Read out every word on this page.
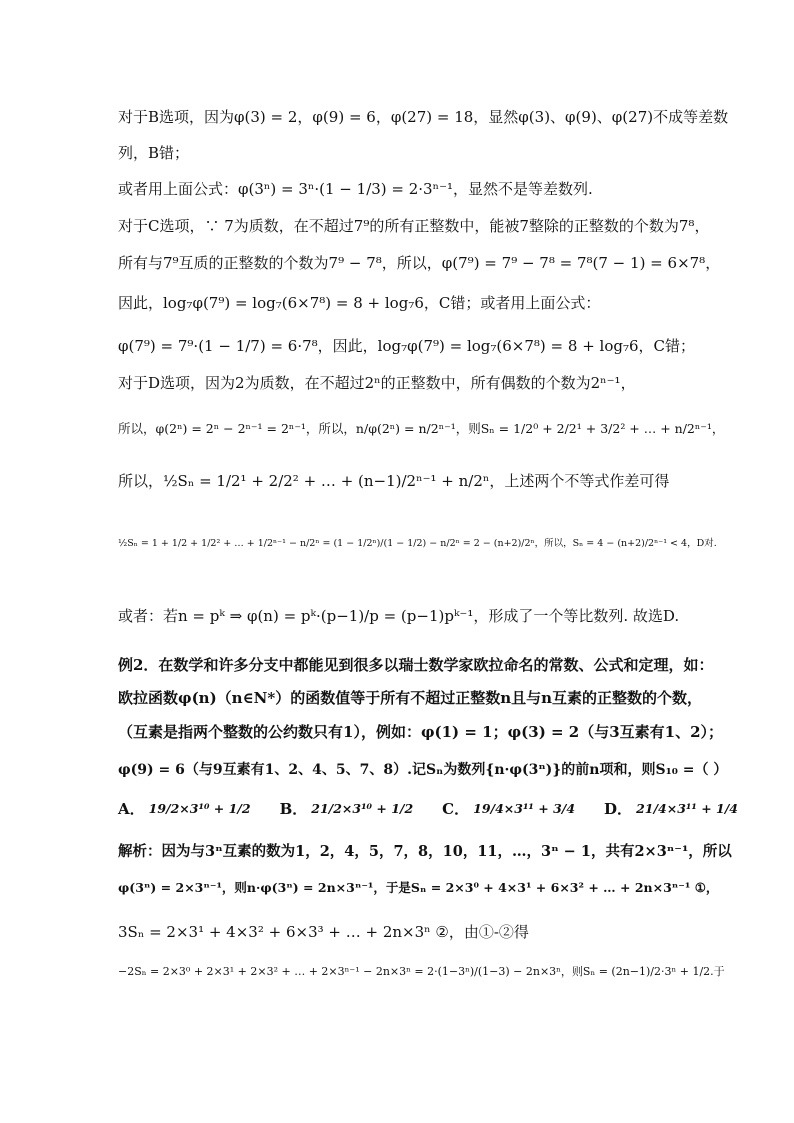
对于B选项，因为φ(3) = 2，φ(9) = 6，φ(27) = 18，显然φ(3)、φ(9)、φ(27)不成等差数
列，B错；
或者用上面公式：φ(3ⁿ) = 3ⁿ·(1 − 1/3) = 2·3ⁿ⁻¹，显然不是等差数列.
对于C选项，∵ 7为质数，在不超过7⁹的所有正整数中，能被7整除的正整数的个数为7⁸，
所有与7⁹互质的正整数的个数为7⁹ − 7⁸，所以，φ(7⁹) = 7⁹ − 7⁸ = 7⁸(7 − 1) = 6×7⁸，
因此，log₇φ(7⁹) = log₇(6×7⁸) = 8 + log₇6，C错；或者用上面公式：
φ(7⁹) = 7⁹·(1 − 1/7) = 6·7⁸，因此，log₇φ(7⁹) = log₇(6×7⁸) = 8 + log₇6，C错；
对于D选项，因为2为质数，在不超过2ⁿ的正整数中，所有偶数的个数为2ⁿ⁻¹，
所以，φ(2ⁿ) = 2ⁿ − 2ⁿ⁻¹ = 2ⁿ⁻¹，所以，n/φ(2ⁿ) = n/2ⁿ⁻¹，则Sₙ = 1/2⁰ + 2/2¹ + 3/2² + … + n/2ⁿ⁻¹，
所以，½Sₙ = 1/2¹ + 2/2² + … + (n−1)/2ⁿ⁻¹ + n/2ⁿ，上述两个不等式作差可得
½Sₙ = 1 + 1/2 + 1/2² + … + 1/2ⁿ⁻¹ − n/2ⁿ = (1 − 1/2ⁿ)/(1 − 1/2) − n/2ⁿ = 2 − (n+2)/2ⁿ，所以，Sₙ = 4 − (n+2)/2ⁿ⁻¹ < 4，D对.
或者：若n = pᵏ ⇒ φ(n) = pᵏ·(p−1)/p = (p−1)pᵏ⁻¹，形成了一个等比数列. 故选D.
例2．在数学和许多分支中都能见到很多以瑞士数学家欧拉命名的常数、公式和定理，如：
欧拉函数φ(n)（n∈N*）的函数值等于所有不超过正整数n且与n互素的正整数的个数，
（互素是指两个整数的公约数只有1），例如：φ(1) = 1；φ(3) = 2（与3互素有1、2）；
φ(9) = 6（与9互素有1、2、4、5、7、8）.记Sₙ为数列{n·φ(3ⁿ)}的前n项和，则S₁₀ =（ ）
A． 19/2×3¹⁰ + 1/2 B． 21/2×3¹⁰ + 1/2 C． 19/4×3¹¹ + 3/4 D． 21/4×3¹¹ + 1/4
解析：因为与3ⁿ互素的数为1，2，4，5，7，8，10，11，…，3ⁿ − 1，共有2×3ⁿ⁻¹，所以
φ(3ⁿ) = 2×3ⁿ⁻¹，则n·φ(3ⁿ) = 2n×3ⁿ⁻¹，于是Sₙ = 2×3⁰ + 4×3¹ + 6×3² + … + 2n×3ⁿ⁻¹ ①，
3Sₙ = 2×3¹ + 4×3² + 6×3³ + … + 2n×3ⁿ ②，由①-②得
−2Sₙ = 2×3⁰ + 2×3¹ + 2×3² + … + 2×3ⁿ⁻¹ − 2n×3ⁿ = 2·(1−3ⁿ)/(1−3) − 2n×3ⁿ，则Sₙ = (2n−1)/2·3ⁿ + 1/2.于
